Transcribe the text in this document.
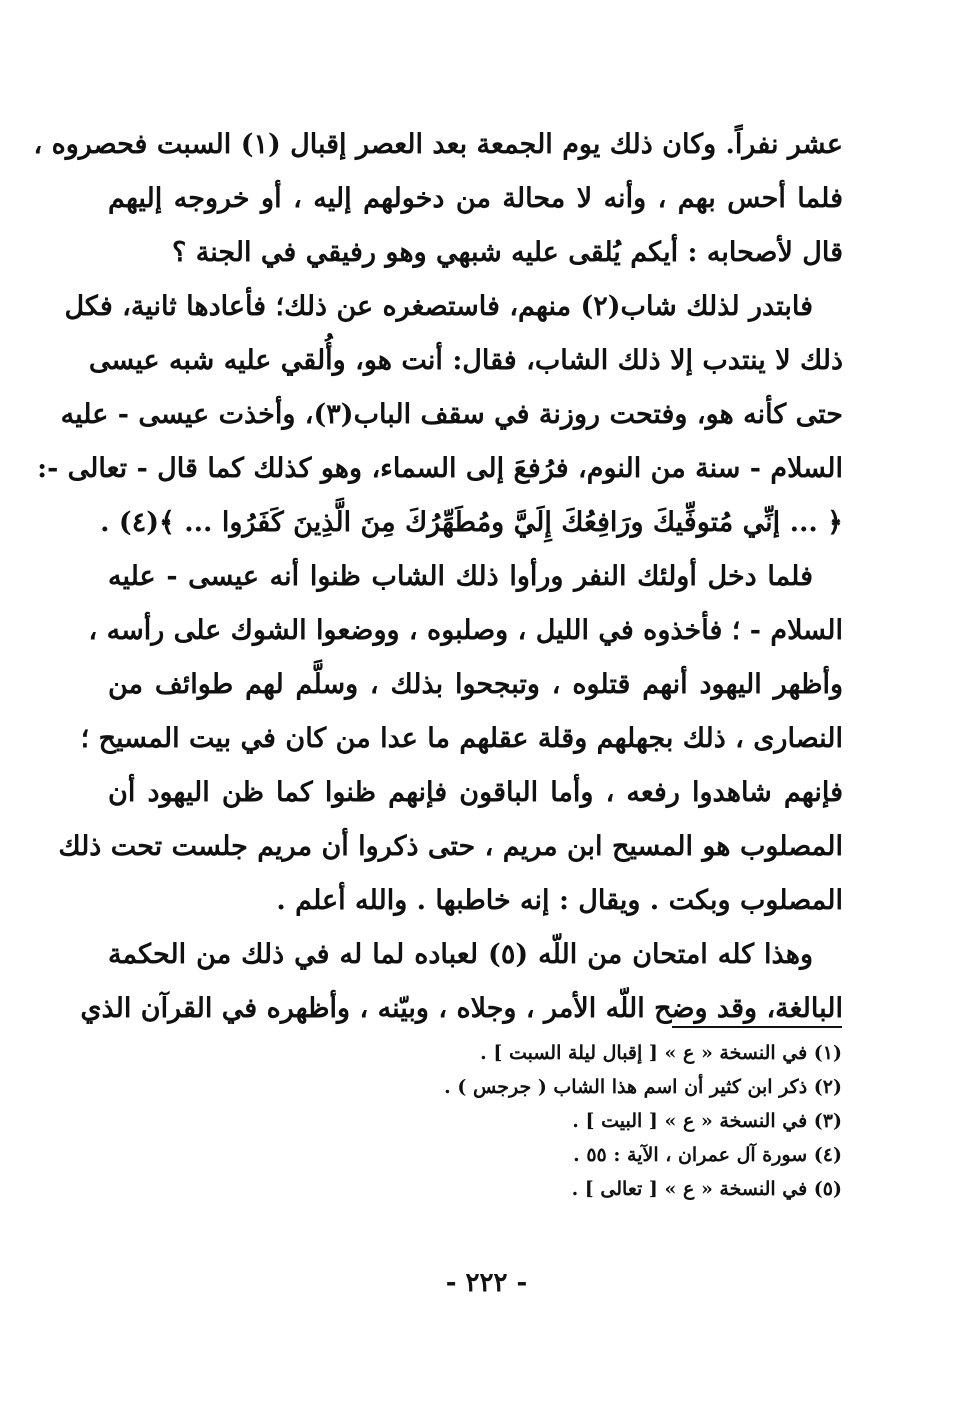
عشر نفراً. وكان ذلك يوم الجمعة بعد العصر إقبال (١) السبت فحصروه ،
فلما أحس بهم ، وأنه لا محالة من دخولهم إليه ، أو خروجه إليهم
قال لأصحابه : أيكم يُلقى عليه شبهي وهو رفيقي في الجنة ؟
فابتدر لذلك شاب(٢) منهم، فاستصغره عن ذلك؛ فأعادها ثانية، فكل
ذلك لا ينتدب إلا ذلك الشاب، فقال: أنت هو، وأُلقي عليه شبه عيسى
حتى كأنه هو، وفتحت روزنة في سقف الباب(٣)، وأخذت عيسى - عليه
السلام - سنة من النوم، فرُفعَ إلى السماء، وهو كذلك كما قال - تعالى -:
﴿ ... إنِّي مُتوفِّيكَ ورَافِعُكَ إِلَيَّ ومُطَهِّرُكَ مِنَ الَّذِينَ كَفَرُوا ... ﴾(٤) .
فلما دخل أولئك النفر ورأوا ذلك الشاب ظنوا أنه عيسى - عليه
السلام - ؛ فأخذوه في الليل ، وصلبوه ، ووضعوا الشوك على رأسه ،
وأظهر اليهود أنهم قتلوه ، وتبجحوا بذلك ، وسلَّم لهم طوائف من
النصارى ، ذلك بجهلهم وقلة عقلهم ما عدا من كان في بيت المسيح ؛
فإنهم شاهدوا رفعه ، وأما الباقون فإنهم ظنوا كما ظن اليهود أن
المصلوب هو المسيح ابن مريم ، حتى ذكروا أن مريم جلست تحت ذلك
المصلوب وبكت . ويقال : إنه خاطبها . والله أعلم .
وهذا كله امتحان من اللّه (٥) لعباده لما له في ذلك من الحكمة
البالغة، وقد وضح اللّه الأمر ، وجلاه ، وبيّنه ، وأظهره في القرآن الذي
(١) في النسخة « ع » [ إقبال ليلة السبت ] .
(٢) ذكر ابن كثير أن اسم هذا الشاب ( جرجس ) .
(٣) في النسخة « ع » [ البيت ] .
(٤) سورة آل عمران ، الآية : ٥٥ .
(٥) في النسخة « ع » [ تعالى ] .
- ٢٢٢ -
